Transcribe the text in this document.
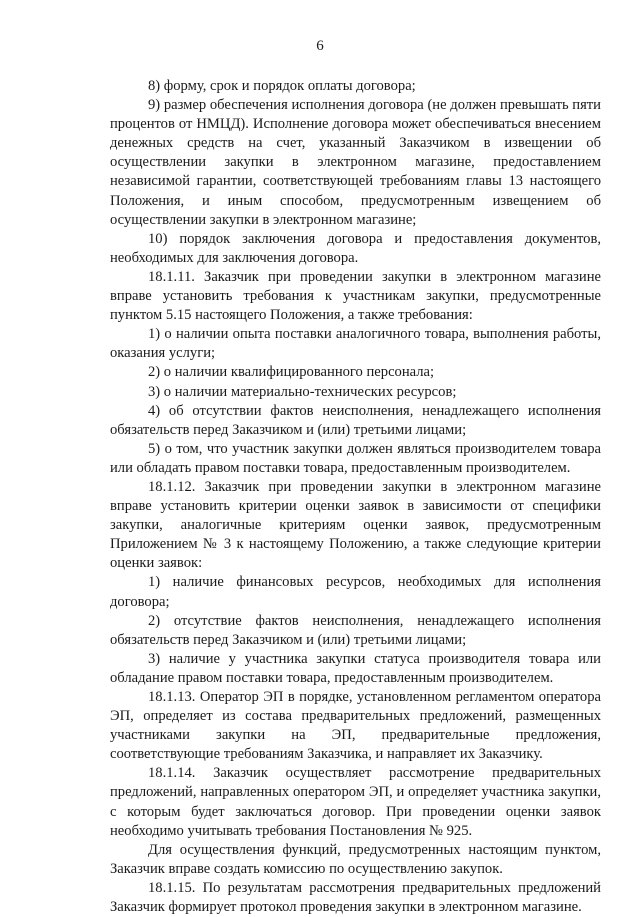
6

8) форму, срок и порядок оплаты договора;

9) размер обеспечения исполнения договора (не должен превышать пяти процентов от НМЦД). Исполнение договора может обеспечиваться внесением денежных средств на счет, указанный Заказчиком в извещении об осуществлении закупки в электронном магазине, предоставлением независимой гарантии, соответствующей требованиям главы 13 настоящего Положения, и иным способом, предусмотренным извещением об осуществлении закупки в электронном магазине;

10) порядок заключения договора и предоставления документов, необходимых для заключения договора.

18.1.11. Заказчик при проведении закупки в электронном магазине вправе установить требования к участникам закупки, предусмотренные пунктом 5.15 настоящего Положения, а также требования:

1) о наличии опыта поставки аналогичного товара, выполнения работы, оказания услуги;

2) о наличии квалифицированного персонала;

3) о наличии материально-технических ресурсов;

4) об отсутствии фактов неисполнения, ненадлежащего исполнения обязательств перед Заказчиком и (или) третьими лицами;

5) о том, что участник закупки должен являться производителем товара или обладать правом поставки товара, предоставленным производителем.

18.1.12. Заказчик при проведении закупки в электронном магазине вправе установить критерии оценки заявок в зависимости от специфики закупки, аналогичные критериям оценки заявок, предусмотренным Приложением № 3 к настоящему Положению, а также следующие критерии оценки заявок:

1) наличие финансовых ресурсов, необходимых для исполнения договора;

2) отсутствие фактов неисполнения, ненадлежащего исполнения обязательств перед Заказчиком и (или) третьими лицами;

3) наличие у участника закупки статуса производителя товара или обладание правом поставки товара, предоставленным производителем.

18.1.13. Оператор ЭП в порядке, установленном регламентом оператора ЭП, определяет из состава предварительных предложений, размещенных участниками закупки на ЭП, предварительные предложения, соответствующие требованиям Заказчика, и направляет их Заказчику.

18.1.14. Заказчик осуществляет рассмотрение предварительных предложений, направленных оператором ЭП, и определяет участника закупки, с которым будет заключаться договор. При проведении оценки заявок необходимо учитывать требования Постановления № 925.

Для осуществления функций, предусмотренных настоящим пунктом, Заказчик вправе создать комиссию по осуществлению закупок.

18.1.15. По результатам рассмотрения предварительных предложений Заказчик формирует протокол проведения закупки в электронном магазине.
